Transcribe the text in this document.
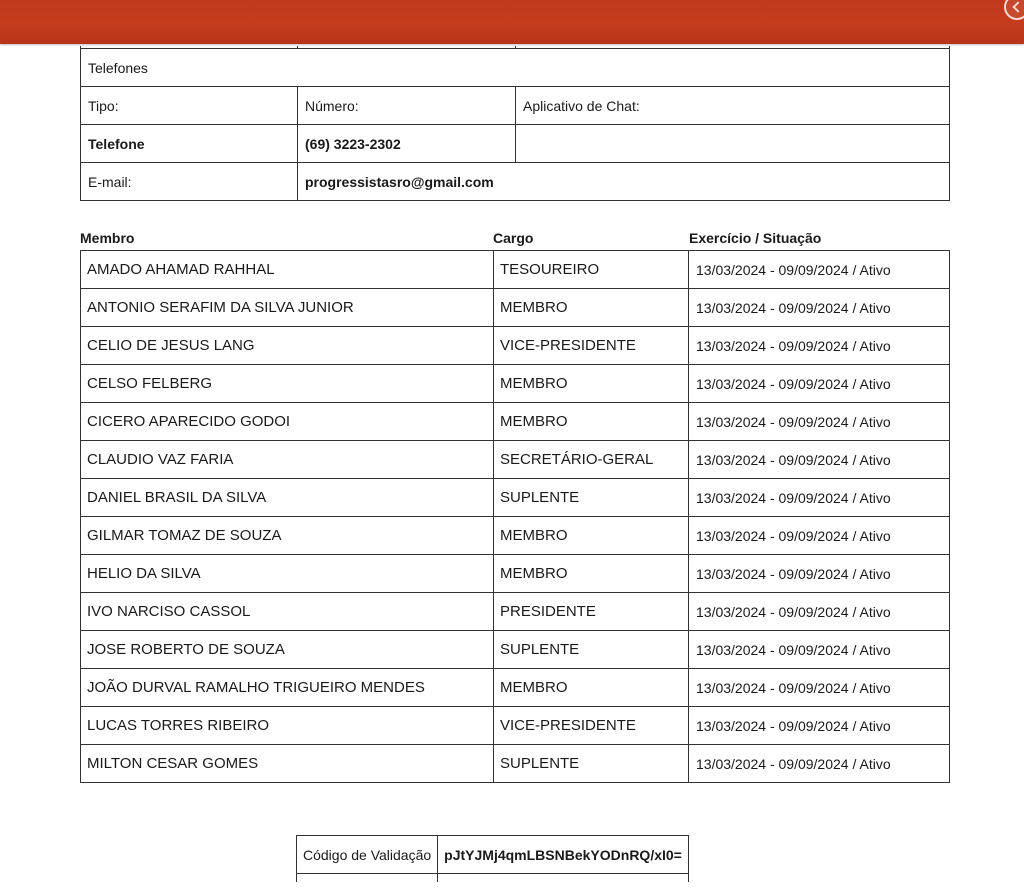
Telefones		
Tipo:	Número:	Aplicativo de Chat:
Telefone	(69) 3223-2302	
E-mail:	progressistasro@gmail.com	
Membro	Cargo	Exercício / Situação
AMADO AHAMAD RAHHAL	TESOUREIRO	13/03/2024 - 09/09/2024 / Ativo
ANTONIO SERAFIM DA SILVA JUNIOR	MEMBRO	13/03/2024 - 09/09/2024 / Ativo
CELIO DE JESUS LANG	VICE-PRESIDENTE	13/03/2024 - 09/09/2024 / Ativo
CELSO FELBERG	MEMBRO	13/03/2024 - 09/09/2024 / Ativo
CICERO APARECIDO GODOI	MEMBRO	13/03/2024 - 09/09/2024 / Ativo
CLAUDIO VAZ FARIA	SECRETÁRIO-GERAL	13/03/2024 - 09/09/2024 / Ativo
DANIEL BRASIL DA SILVA	SUPLENTE	13/03/2024 - 09/09/2024 / Ativo
GILMAR TOMAZ DE SOUZA	MEMBRO	13/03/2024 - 09/09/2024 / Ativo
HELIO DA SILVA	MEMBRO	13/03/2024 - 09/09/2024 / Ativo
IVO NARCISO CASSOL	PRESIDENTE	13/03/2024 - 09/09/2024 / Ativo
JOSE ROBERTO DE SOUZA	SUPLENTE	13/03/2024 - 09/09/2024 / Ativo
JOÃO DURVAL RAMALHO TRIGUEIRO MENDES	MEMBRO	13/03/2024 - 09/09/2024 / Ativo
LUCAS TORRES RIBEIRO	VICE-PRESIDENTE	13/03/2024 - 09/09/2024 / Ativo
MILTON CESAR GOMES	SUPLENTE	13/03/2024 - 09/09/2024 / Ativo
Código de Validação	pJtYJMj4qmLBSNBekYODnRQ/xI0=
